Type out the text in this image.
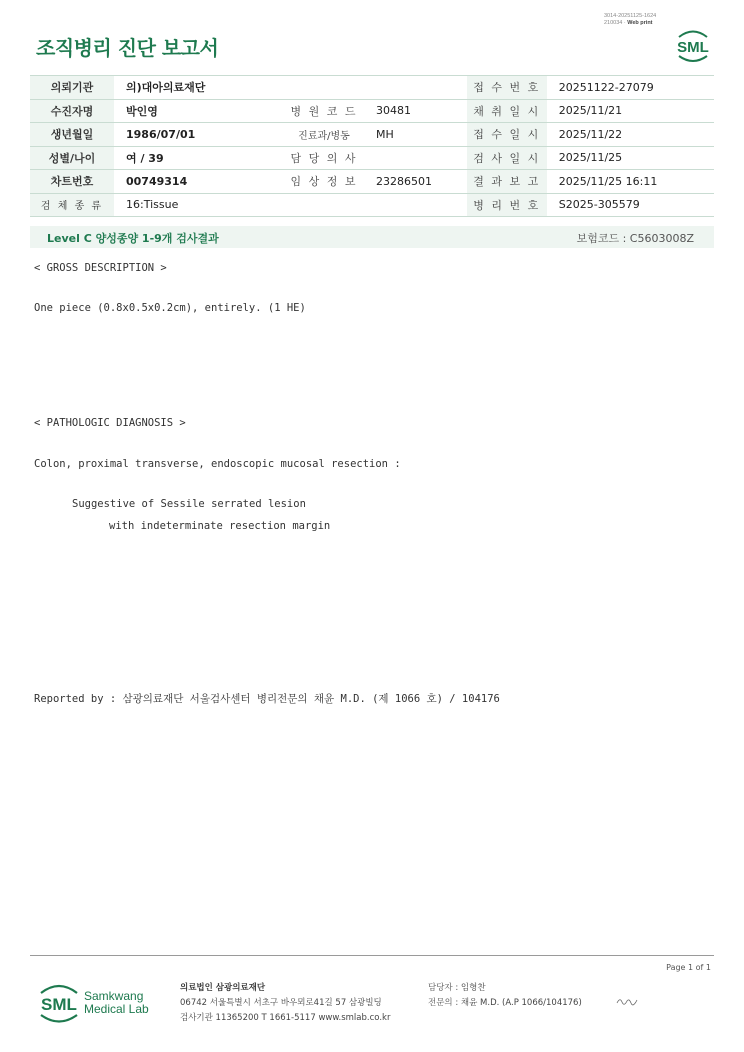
3014-20251125-1624
210034 · Web print
조직병리 진단 보고서	SML
의뢰기관	의)대아의료재단			접 수 번 호	20251122-27079
수진자명	박인영	병 원 코 드	30481	채 취 일 시	2025/11/21
생년월일	1986/07/01	진료과/병동	MH	접 수 일 시	2025/11/22
성별/나이	여 / 39	담 당 의 사		검 사 일 시	2025/11/25
차트번호	00749314	임 상 정 보	23286501	결 과 보 고	2025/11/25 16:11
검 체 종 류	16:Tissue			병 리 번 호	S2025-305579
Level C 양성종양 1-9개 검사결과	보험코드 : C5603008Z
< GROSS DESCRIPTION >
One piece (0.8x0.5x0.2cm), entirely. (1 HE)
< PATHOLOGIC DIAGNOSIS >
Colon, proximal transverse, endoscopic mucosal resection :
Suggestive of Sessile serrated lesion
with indeterminate resection margin
Reported by : 삼광의료재단 서울검사센터 병리전문의 채윤 M.D. (제 1066 호) / 104176
Page 1 of 1
SML Samkwang
Medical Lab
의료법인 삼광의료재단
06742 서울특별시 서초구 바우뫼로41길 57 삼광빌딩
검사기관 11365200 T 1661-5117 www.smlab.co.kr
담당자 : 임형찬
전문의 : 채윤 M.D. (A.P 1066/104176)
